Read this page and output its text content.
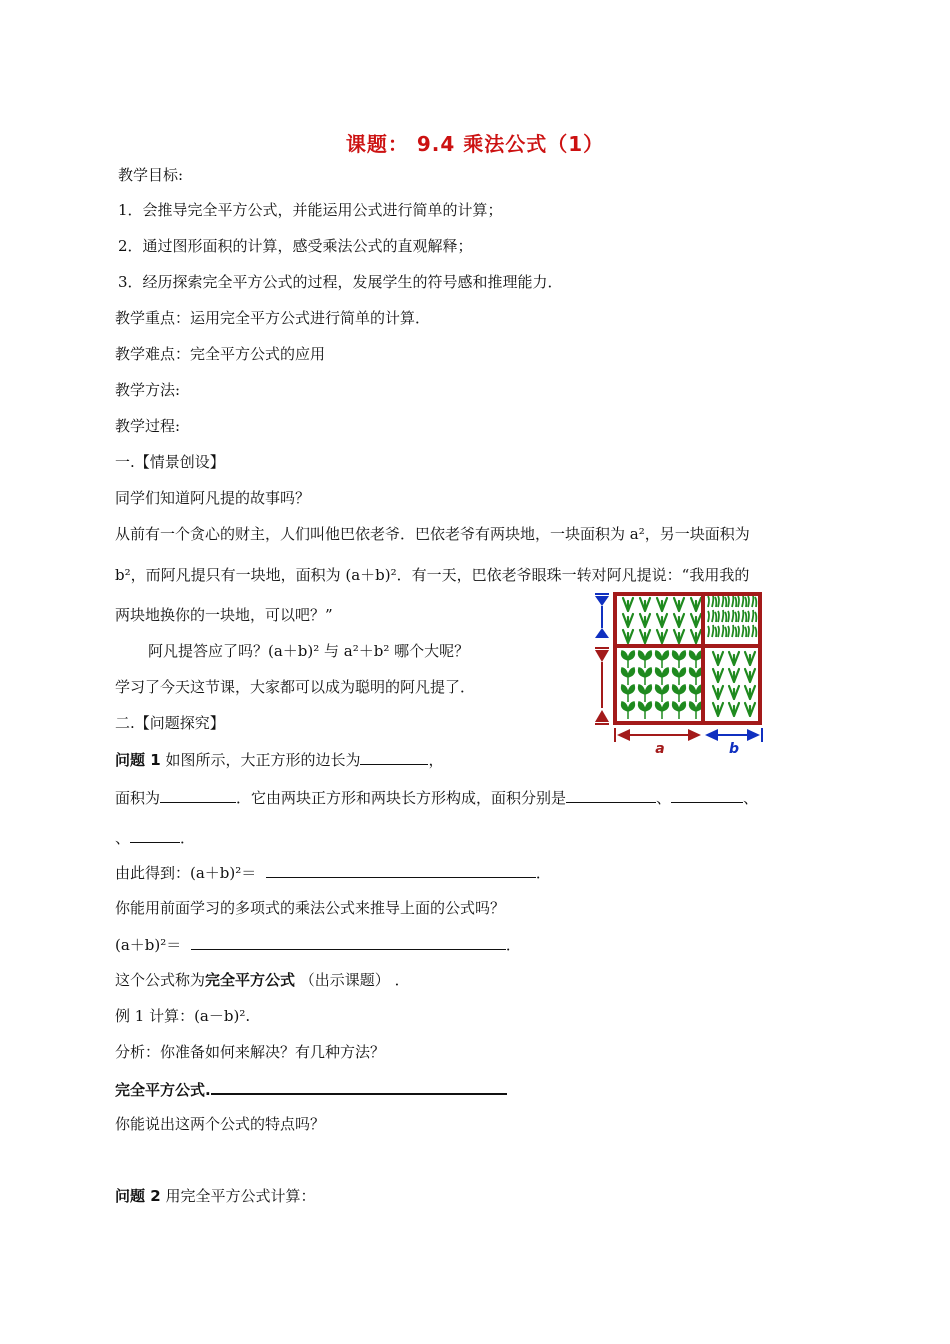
课题： 9.4 乘法公式（1）
教学目标:
1．会推导完全平方公式，并能运用公式进行简单的计算；
2．通过图形面积的计算，感受乘法公式的直观解释；
3．经历探索完全平方公式的过程，发展学生的符号感和推理能力．
教学重点：运用完全平方公式进行简单的计算．
教学难点：完全平方公式的应用
教学方法:
教学过程:
一.【情景创设】
同学们知道阿凡提的故事吗？
从前有一个贪心的财主，人们叫他巴依老爷．巴依老爷有两块地，一块面积为 a²，另一块面积为
b²，而阿凡提只有一块地，面积为 (a＋b)²．有一天，巴依老爷眼珠一转对阿凡提说：“我用我的
两块地换你的一块地，可以吧？”
阿凡提答应了吗？(a＋b)² 与 a²＋b² 哪个大呢？
学习了今天这节课，大家都可以成为聪明的阿凡提了．
二.【问题探究】
问题 1 如图所示，大正方形的边长为	，
面积为	．它由两块正方形和两块长方形构成，面积分别是	、	、
、	．
由此得到：(a＋b)²＝	．
你能用前面学习的多项式的乘法公式来推导上面的公式吗？
(a＋b)²＝	．
这个公式称为完全平方公式 （出示课题） ．
例 1 计算：(a－b)².
分析：你准备如何来解决？有几种方法？
完全平方公式.
你能说出这两个公式的特点吗？
问题 2 用完全平方公式计算：
a	b
